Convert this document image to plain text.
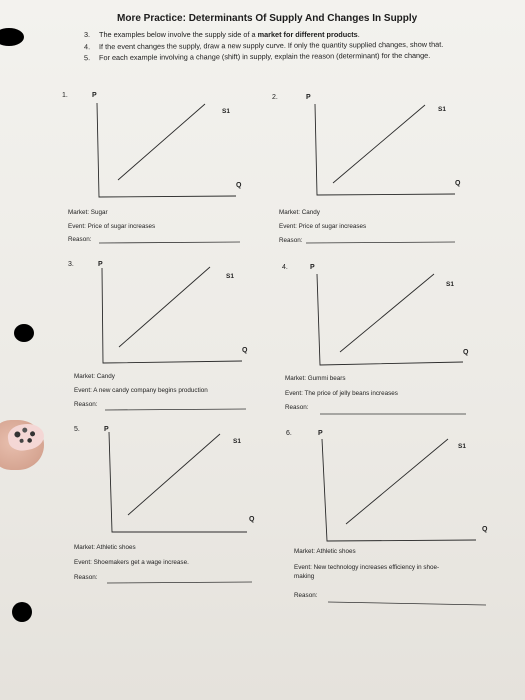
More Practice: Determinants Of Supply And Changes In Supply
3. The examples below involve the supply side of a market for different products.
4. If the event changes the supply, draw a new supply curve. If only the quantity supplied changes, show that.
5. For each example involving a change (shift) in supply, explain the reason (determinant) for the change.
1.	P
S1
Q
Market: Sugar
Event: Price of sugar increases
Reason:
2.	P
S1
Q
Market: Candy
Event: Price of sugar increases
Reason:
3.	P
S1
Q
Market: Candy
Event: A new candy company begins production
Reason:
4.	P
S1
Q
Market: Gummi bears
Event: The price of jelly beans increases
Reason:
5.	P
S1
Q
Market: Athletic shoes
Event: Shoemakers get a wage increase.
Reason:
6.	P
S1
Q
Market: Athletic shoes
Event: New technology increases efficiency in shoe-
making
Reason:
